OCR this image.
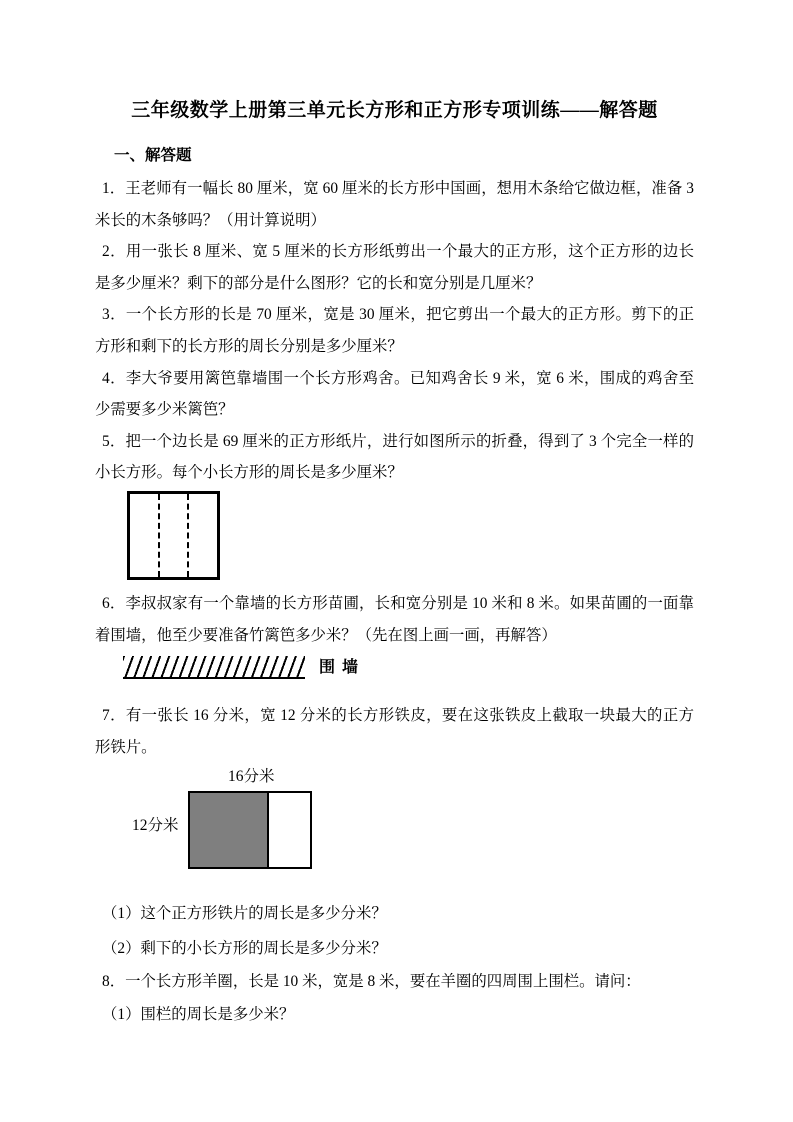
三年级数学上册第三单元长方形和正方形专项训练——解答题
一、解答题

1．王老师有一幅长 80 厘米，宽 60 厘米的长方形中国画，想用木条给它做边框，准备 3 米长的木条够吗？（用计算说明）

2．用一张长 8 厘米、宽 5 厘米的长方形纸剪出一个最大的正方形，这个正方形的边长是多少厘米？剩下的部分是什么图形？它的长和宽分别是几厘米？

3．一个长方形的长是 70 厘米，宽是 30 厘米，把它剪出一个最大的正方形。剪下的正方形和剩下的长方形的周长分别是多少厘米？

4．李大爷要用篱笆靠墙围一个长方形鸡舍。已知鸡舍长 9 米，宽 6 米，围成的鸡舍至少需要多少米篱笆？

5．把一个边长是 69 厘米的正方形纸片，进行如图所示的折叠，得到了 3 个完全一样的小长方形。每个小长方形的周长是多少厘米？

6．李叔叔家有一个靠墙的长方形苗圃，长和宽分别是 10 米和 8 米。如果苗圃的一面靠着围墙，他至少要准备竹篱笆多少米？（先在图上画一画，再解答）

围墙

7．有一张长 16 分米，宽 12 分米的长方形铁皮，要在这张铁皮上截取一块最大的正方形铁片。

16分米
12分米

（1）这个正方形铁片的周长是多少分米？

（2）剩下的小长方形的周长是多少分米？

8．一个长方形羊圈，长是 10 米，宽是 8 米，要在羊圈的四周围上围栏。请问：

（1）围栏的周长是多少米？
